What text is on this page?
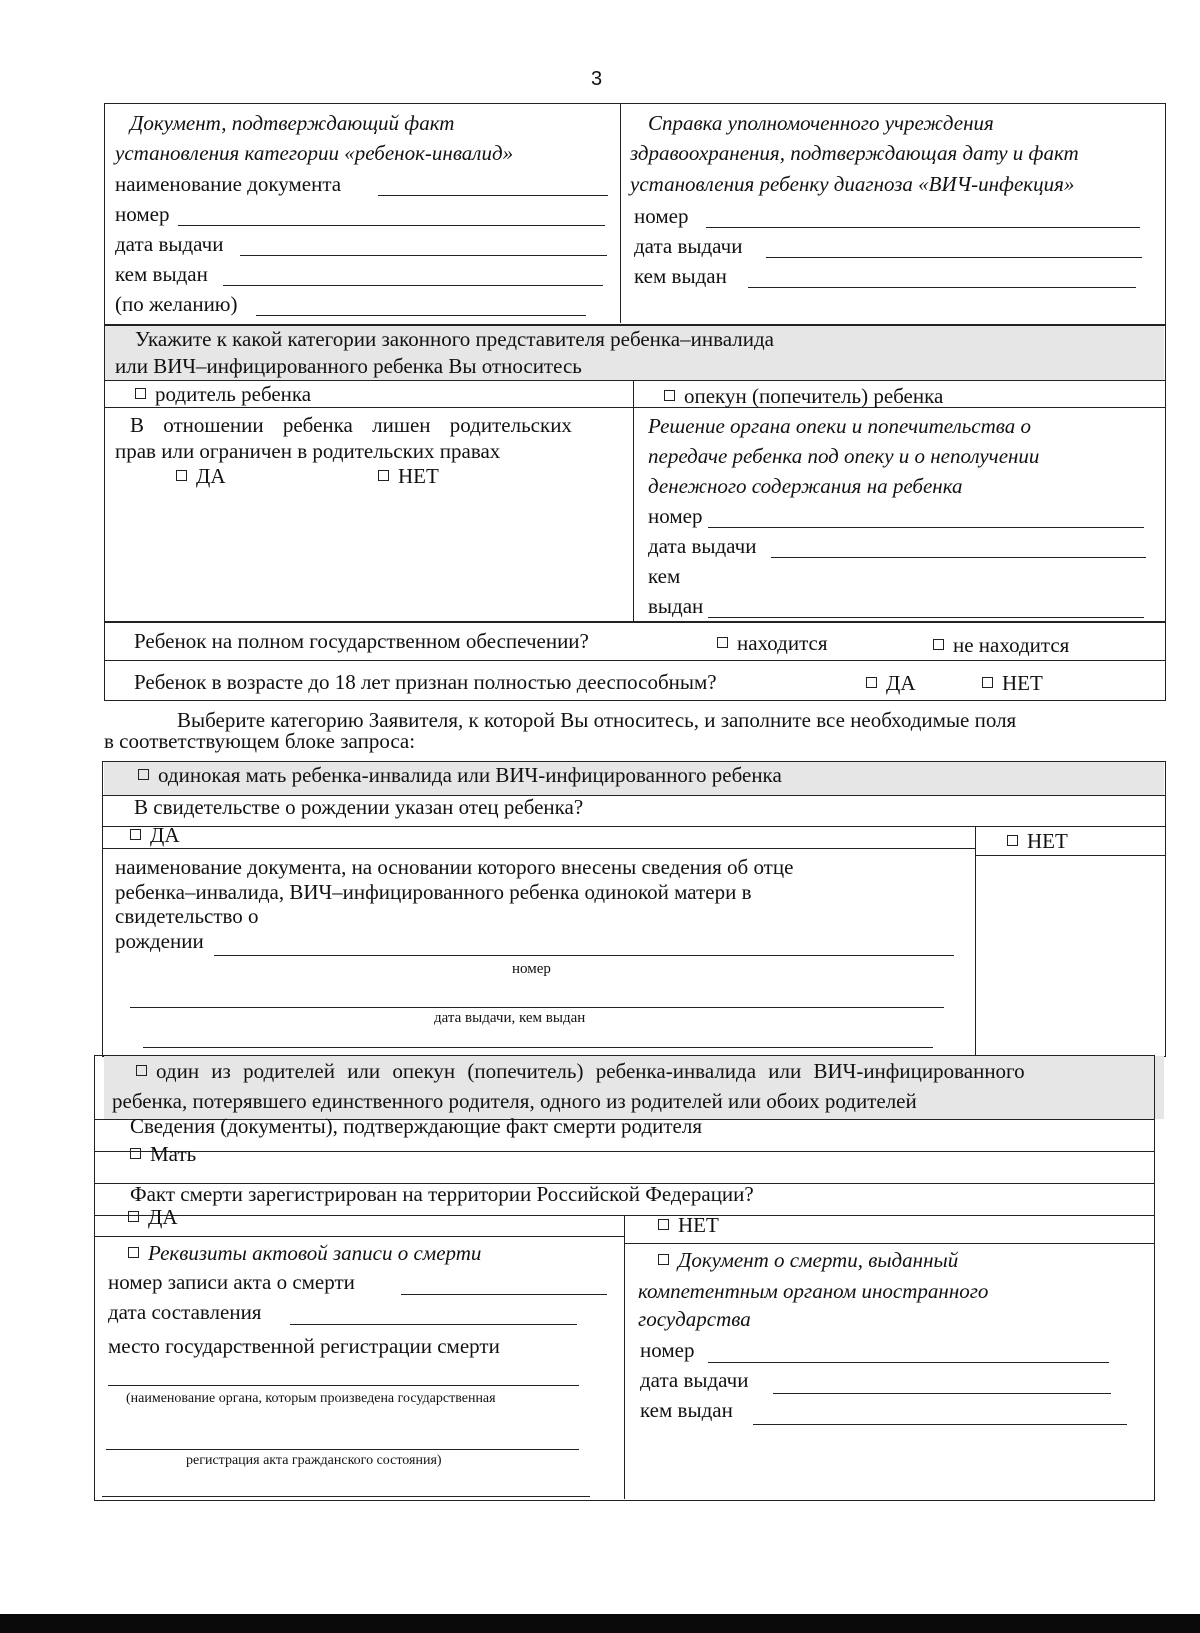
3
Документ, подтверждающий факт
установления категории «ребенок-инвалид»
наименование документа
номер
дата выдачи
кем выдан
(по желанию)
Справка уполномоченного учреждения
здравоохранения, подтверждающая дату и факт
установления ребенку диагноза «ВИЧ-инфекция»
номер
дата выдачи
кем выдан
Укажите к какой категории законного представителя ребенка–инвалида
или ВИЧ–инфицированного ребенка Вы относитесь
родитель ребенка	опекун (попечитель) ребенка
В отношении ребенка лишен родительских
прав или ограничен в родительских правах
ДА	НЕТ
Решение органа опеки и попечительства о
передаче ребенка под опеку и о неполучении
денежного содержания на ребенка
номер
дата выдачи
кем
выдан
Ребенок на полном государственном обеспечении?	находится	не находится
Ребенок в возрасте до 18 лет признан полностью дееспособным?	ДА	НЕТ
Выберите категорию Заявителя, к которой Вы относитесь, и заполните все необходимые поля
в соответствующем блоке запроса:
одинокая мать ребенка-инвалида или ВИЧ-инфицированного ребенка
В свидетельстве о рождении указан отец ребенка?
ДА	НЕТ
наименование документа, на основании которого внесены сведения об отце
ребенка–инвалида, ВИЧ–инфицированного ребенка одинокой матери в
свидетельство о
рождении
номер
дата выдачи, кем выдан
один из родителей или опекун (попечитель) ребенка-инвалида или ВИЧ-инфицированного
ребенка, потерявшего единственного родителя, одного из родителей или обоих родителей
Сведения (документы), подтверждающие факт смерти родителя
Мать
Факт смерти зарегистрирован на территории Российской Федерации?
ДА	НЕТ
Реквизиты актовой записи о смерти
номер записи акта о смерти
дата составления
место государственной регистрации смерти
(наименование органа, которым произведена государственная
регистрация акта гражданского состояния)
Документ о смерти, выданный
компетентным органом иностранного
государства
номер
дата выдачи
кем выдан
